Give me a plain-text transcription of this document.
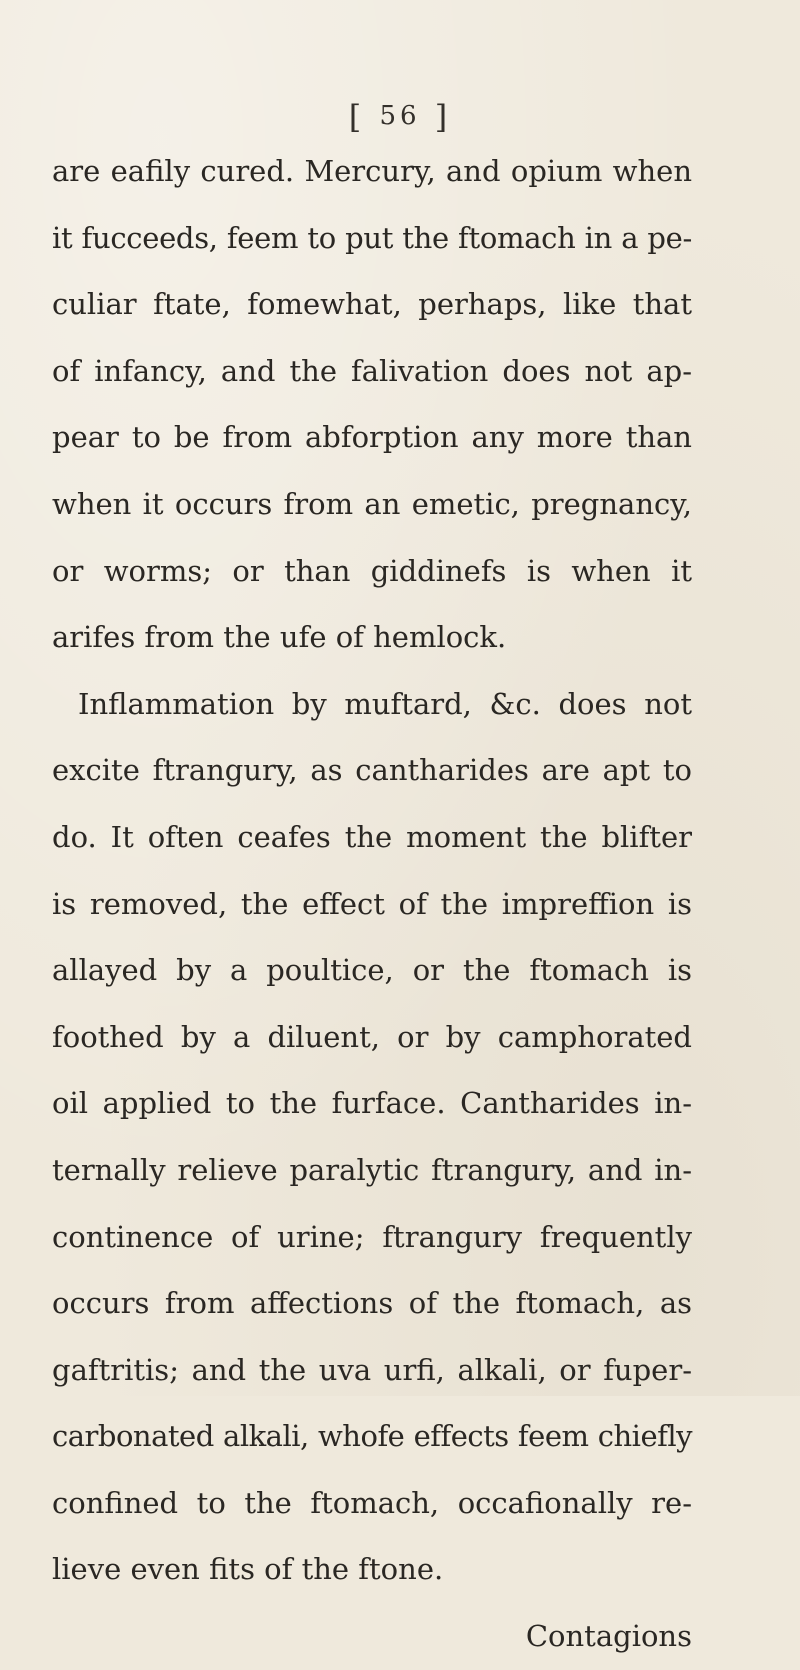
[ 56 ]
are eafily cured. Mercury, and opium when
it fucceeds, feem to put the ftomach in a pe-
culiar ftate, fomewhat, perhaps, like that
of infancy, and the falivation does not ap-
pear to be from abforption any more than
when it occurs from an emetic, pregnancy,
or worms; or than giddinefs is when it
arifes from the ufe of hemlock.
Inflammation by muftard, &c. does not
excite ftrangury, as cantharides are apt to
do. It often ceafes the moment the blifter
is removed, the effect of the impreffion is
allayed by a poultice, or the ftomach is
foothed by a diluent, or by camphorated
oil applied to the furface. Cantharides in-
ternally relieve paralytic ftrangury, and in-
continence of urine; ftrangury frequently
occurs from affections of the ftomach, as
gaftritis; and the uva urfi, alkali, or fuper-
carbonated alkali, whofe effects feem chiefly
confined to the ftomach, occafionally re-
lieve even fits of the ftone.
Contagions
